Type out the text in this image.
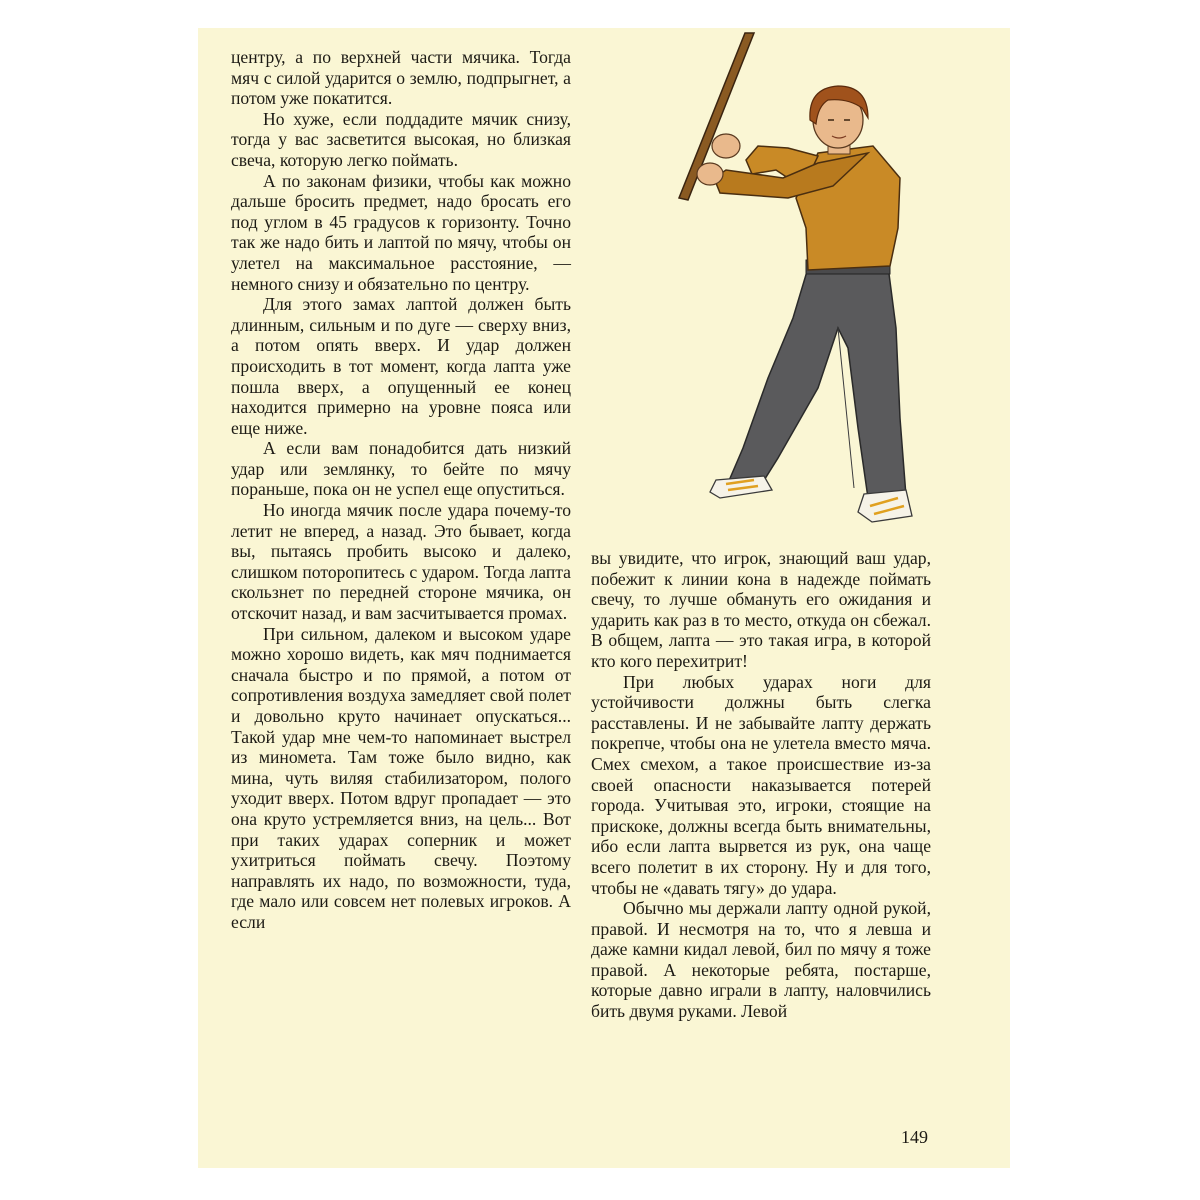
центру, а по верхней части мячика. Тогда мяч с силой ударится о землю, подпрыгнет, а потом уже покатится.

Но хуже, если поддадите мячик снизу, тогда у вас засветится высокая, но близкая свеча, которую легко поймать.

А по законам физики, чтобы как можно дальше бросить предмет, надо бросать его под углом в 45 градусов к горизонту. Точно так же надо бить и лаптой по мячу, чтобы он улетел на максимальное расстояние, — немного снизу и обязательно по центру.

Для этого замах лаптой должен быть длинным, сильным и по дуге — сверху вниз, а потом опять вверх. И удар должен происходить в тот момент, когда лапта уже пошла вверх, а опущенный ее конец находится примерно на уровне пояса или еще ниже.

А если вам понадобится дать низкий удар или землянку, то бейте по мячу пораньше, пока он не успел еще опуститься.

Но иногда мячик после удара почему-то летит не вперед, а назад. Это бывает, когда вы, пытаясь пробить высоко и далеко, слишком поторопитесь с ударом. Тогда лапта скользнет по передней стороне мячика, он отскочит назад, и вам засчитывается промах.

При сильном, далеком и высоком ударе можно хорошо видеть, как мяч поднимается сначала быстро и по прямой, а потом от сопротивления воздуха замедляет свой полет и довольно круто начинает опускаться... Такой удар мне чем-то напоминает выстрел из миномета. Там тоже было видно, как мина, чуть виляя стабилизатором, полого уходит вверх. Потом вдруг пропадает — это она круто устремляется вниз, на цель... Вот при таких ударах соперник и может ухитриться поймать свечу. Поэтому направлять их надо, по возможности, туда, где мало или совсем нет полевых игроков. А если

вы увидите, что игрок, знающий ваш удар, побежит к линии кона в надежде поймать свечу, то лучше обмануть его ожидания и ударить как раз в то место, откуда он сбежал. В общем, лапта — это такая игра, в которой кто кого перехитрит!

При любых ударах ноги для устойчивости должны быть слегка расставлены. И не забывайте лапту держать покрепче, чтобы она не улетела вместо мяча. Смех смехом, а такое происшествие из-за своей опасности наказывается потерей города. Учитывая это, игроки, стоящие на прискоке, должны всегда быть внимательны, ибо если лапта вырвется из рук, она чаще всего полетит в их сторону. Ну и для того, чтобы не «давать тягу» до удара.

Обычно мы держали лапту одной рукой, правой. И несмотря на то, что я левша и даже камни кидал левой, бил по мячу я тоже правой. А некоторые ребята, постарше, которые давно играли в лапту, наловчились бить двумя руками. Левой

149
